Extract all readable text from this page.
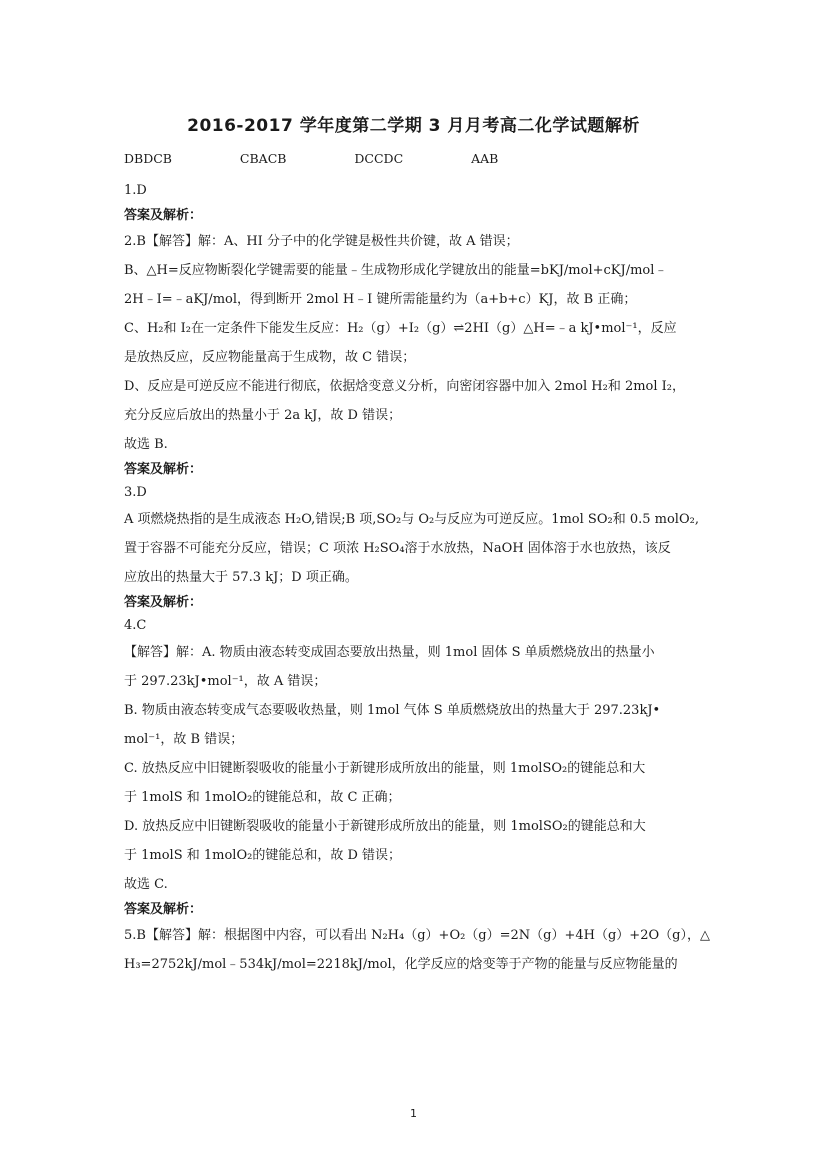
2016-2017 学年度第二学期 3 月月考高二化学试题解析
DBDCB  CBACB  DCCDC  AAB
1.D
答案及解析：
2.B【解答】解：A、HI 分子中的化学键是极性共价键，故 A 错误；
B、△H=反应物断裂化学键需要的能量﹣生成物形成化学键放出的能量=bKJ/mol+cKJ/mol﹣
2H﹣I=﹣aKJ/mol，得到断开 2mol H﹣I 键所需能量约为（a+b+c）KJ，故 B 正确；
C、H₂和 I₂在一定条件下能发生反应：H₂（g）+I₂（g）⇌2HI（g）△H=﹣a kJ•mol⁻¹，反应
是放热反应，反应物能量高于生成物，故 C 错误；
D、反应是可逆反应不能进行彻底，依据焓变意义分析，向密闭容器中加入 2mol H₂和 2mol I₂，
充分反应后放出的热量小于 2a kJ，故 D 错误；
故选 B.
答案及解析：
3.D
A 项燃烧热指的是生成液态 H₂O,错误;B 项,SO₂与 O₂与反应为可逆反应。1mol SO₂和 0.5 molO₂,
置于容器不可能充分反应，错误；C 项浓 H₂SO₄溶于水放热，NaOH 固体溶于水也放热，该反
应放出的热量大于 57.3 kJ；D 项正确。
答案及解析：
4.C
【解答】解：A. 物质由液态转变成固态要放出热量，则 1mol 固体 S 单质燃烧放出的热量小
于 297.23kJ•mol⁻¹，故 A 错误；
B. 物质由液态转变成气态要吸收热量，则 1mol 气体 S 单质燃烧放出的热量大于 297.23kJ•
mol⁻¹，故 B 错误；
C. 放热反应中旧键断裂吸收的能量小于新键形成所放出的能量，则 1molSO₂的键能总和大
于 1molS 和 1molO₂的键能总和，故 C 正确；
D. 放热反应中旧键断裂吸收的能量小于新键形成所放出的能量，则 1molSO₂的键能总和大
于 1molS 和 1molO₂的键能总和，故 D 错误；
故选 C.
答案及解析：
5.B【解答】解：根据图中内容，可以看出 N₂H₄（g）+O₂（g）=2N（g）+4H（g）+2O（g），△
H₃=2752kJ/mol﹣534kJ/mol=2218kJ/mol，化学反应的焓变等于产物的能量与反应物能量的
1
